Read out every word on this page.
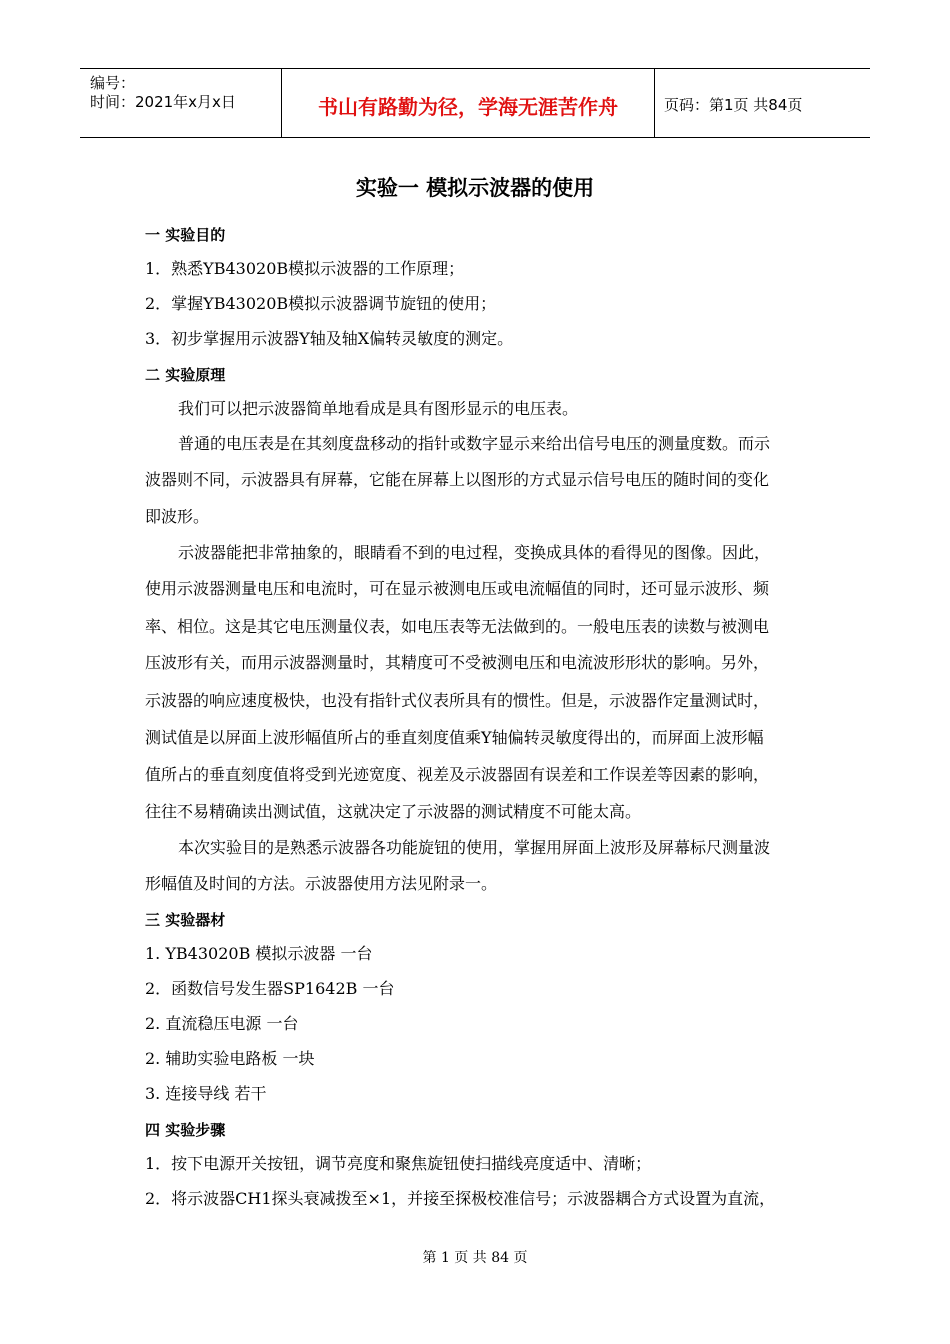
编号：
时间：2021年x月x日	书山有路勤为径，学海无涯苦作舟	页码：第1页 共84页
实验一 模拟示波器的使用
一 实验目的
1．熟悉YB43020B模拟示波器的工作原理；
2．掌握YB43020B模拟示波器调节旋钮的使用；
3．初步掌握用示波器Y轴及轴X偏转灵敏度的测定。
二 实验原理
我们可以把示波器简单地看成是具有图形显示的电压表。
普通的电压表是在其刻度盘移动的指针或数字显示来给出信号电压的测量度数。而示
波器则不同，示波器具有屏幕，它能在屏幕上以图形的方式显示信号电压的随时间的变化
即波形。
示波器能把非常抽象的，眼睛看不到的电过程，变换成具体的看得见的图像。因此，
使用示波器测量电压和电流时，可在显示被测电压或电流幅值的同时，还可显示波形、频
率、相位。这是其它电压测量仪表，如电压表等无法做到的。一般电压表的读数与被测电
压波形有关，而用示波器测量时，其精度可不受被测电压和电流波形形状的影响。另外，
示波器的响应速度极快，也没有指针式仪表所具有的惯性。但是，示波器作定量测试时，
测试值是以屏面上波形幅值所占的垂直刻度值乘Y轴偏转灵敏度得出的，而屏面上波形幅
值所占的垂直刻度值将受到光迹宽度、视差及示波器固有误差和工作误差等因素的影响，
往往不易精确读出测试值，这就决定了示波器的测试精度不可能太高。
本次实验目的是熟悉示波器各功能旋钮的使用，掌握用屏面上波形及屏幕标尺测量波
形幅值及时间的方法。示波器使用方法见附录一。
三 实验器材
1. YB43020B 模拟示波器 一台
2．函数信号发生器SP1642B 一台
2. 直流稳压电源 一台
2. 辅助实验电路板 一块
3. 连接导线 若干
四 实验步骤
1．按下电源开关按钮，调节亮度和聚焦旋钮使扫描线亮度适中、清晰；
2．将示波器CH1探头衰减拨至×1，并接至探极校准信号；示波器耦合方式设置为直流，
第 1 页 共 84 页
